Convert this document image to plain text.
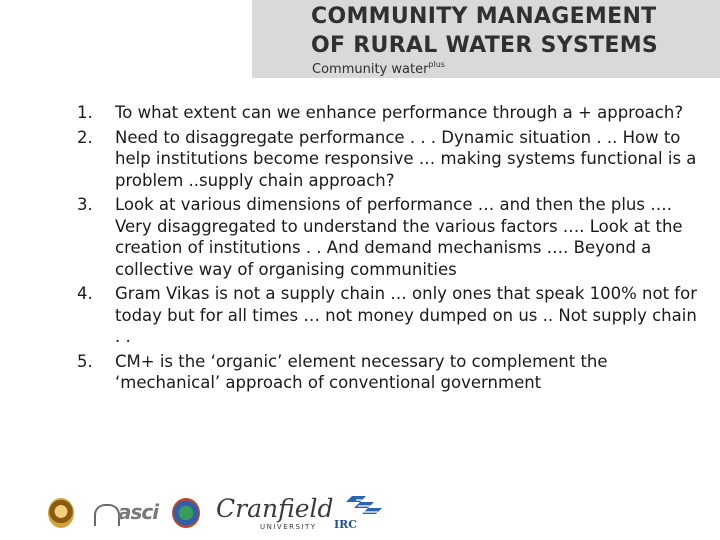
COMMUNITY MANAGEMENT
OF RURAL WATER SYSTEMS
Community water$^{plus}$
1. To what extent can we enhance performance through a + approach?
2. Need to disaggregate performance . . . Dynamic situation . .. How to help institutions become responsive … making systems functional is a problem ..supply chain approach?
3. Look at various dimensions of performance … and then the plus …. Very disaggregated to understand the various factors …. Look at the creation of institutions . . And demand mechanisms …. Beyond a collective way of organising communities
4. Gram Vikas is not a supply chain … only ones that speak 100% not for today but for all times … not money dumped on us .. Not supply chain . .
5. CM+ is the ‘organic’ element necessary to complement the ‘mechanical’ approach of conventional government
asci Cranfield
UNIVERSITY IRC
